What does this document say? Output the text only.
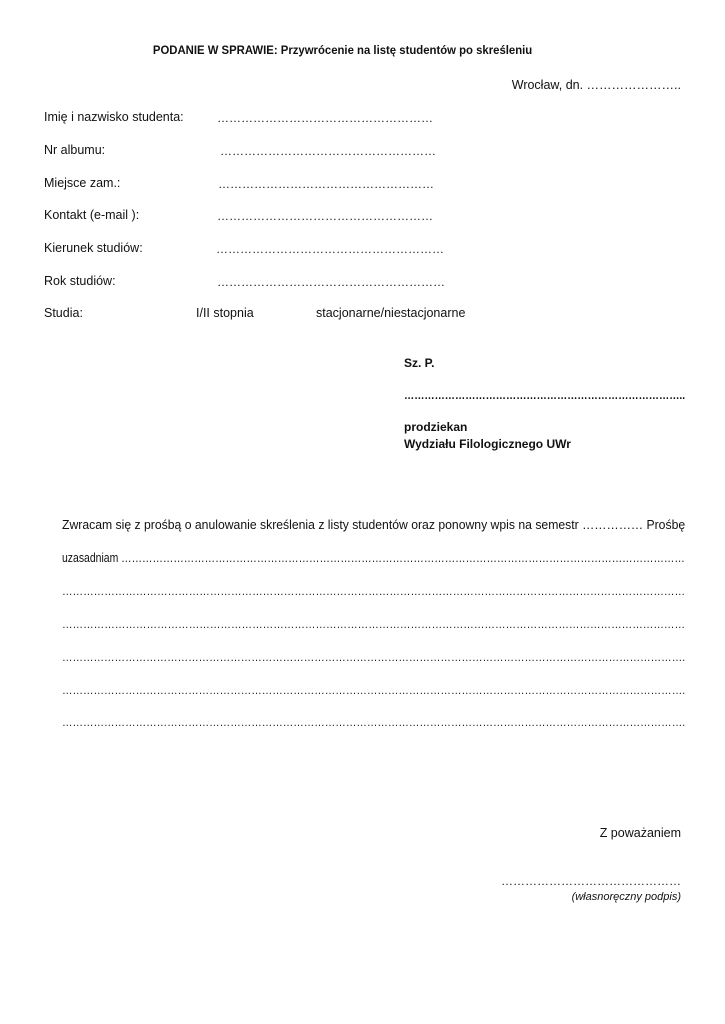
PODANIE W SPRAWIE: Przywrócenie na listę studentów po skreśleniu
Wrocław, dn. …………………..
Imię i nazwisko studenta:	………………………………………………
Nr albumu:	………………………………………………
Miejsce zam.:	………………………………………………
Kontakt (e-mail ):	………………………………………………
Kierunek studiów:	…………………………………………………
Rok studiów:	…………………………………………………
Studia:	I/II stopnia	stacjonarne/niestacjonarne
Sz. P.
………………………………………………………………………..
prodziekan
Wydziału Filologicznego UWr
Zwracam się z prośbą o anulowanie skreślenia z listy studentów oraz ponowny wpis na semestr …………… Prośbę
uzasadniam ………………………………………………………………………………………………………………………………………………
……………………………………………………………………………………………………………………………………………………………
……………………………………………………………………………………………………………………………………………………………
…………………………………………………………………………………………………………………………………………………………….
…………………………………………………………………………………………………………………………………………………………….
…………………………………………………………………………………………………………………………………………………………….
Z poważaniem
………………………………………
(własnoręczny podpis)
